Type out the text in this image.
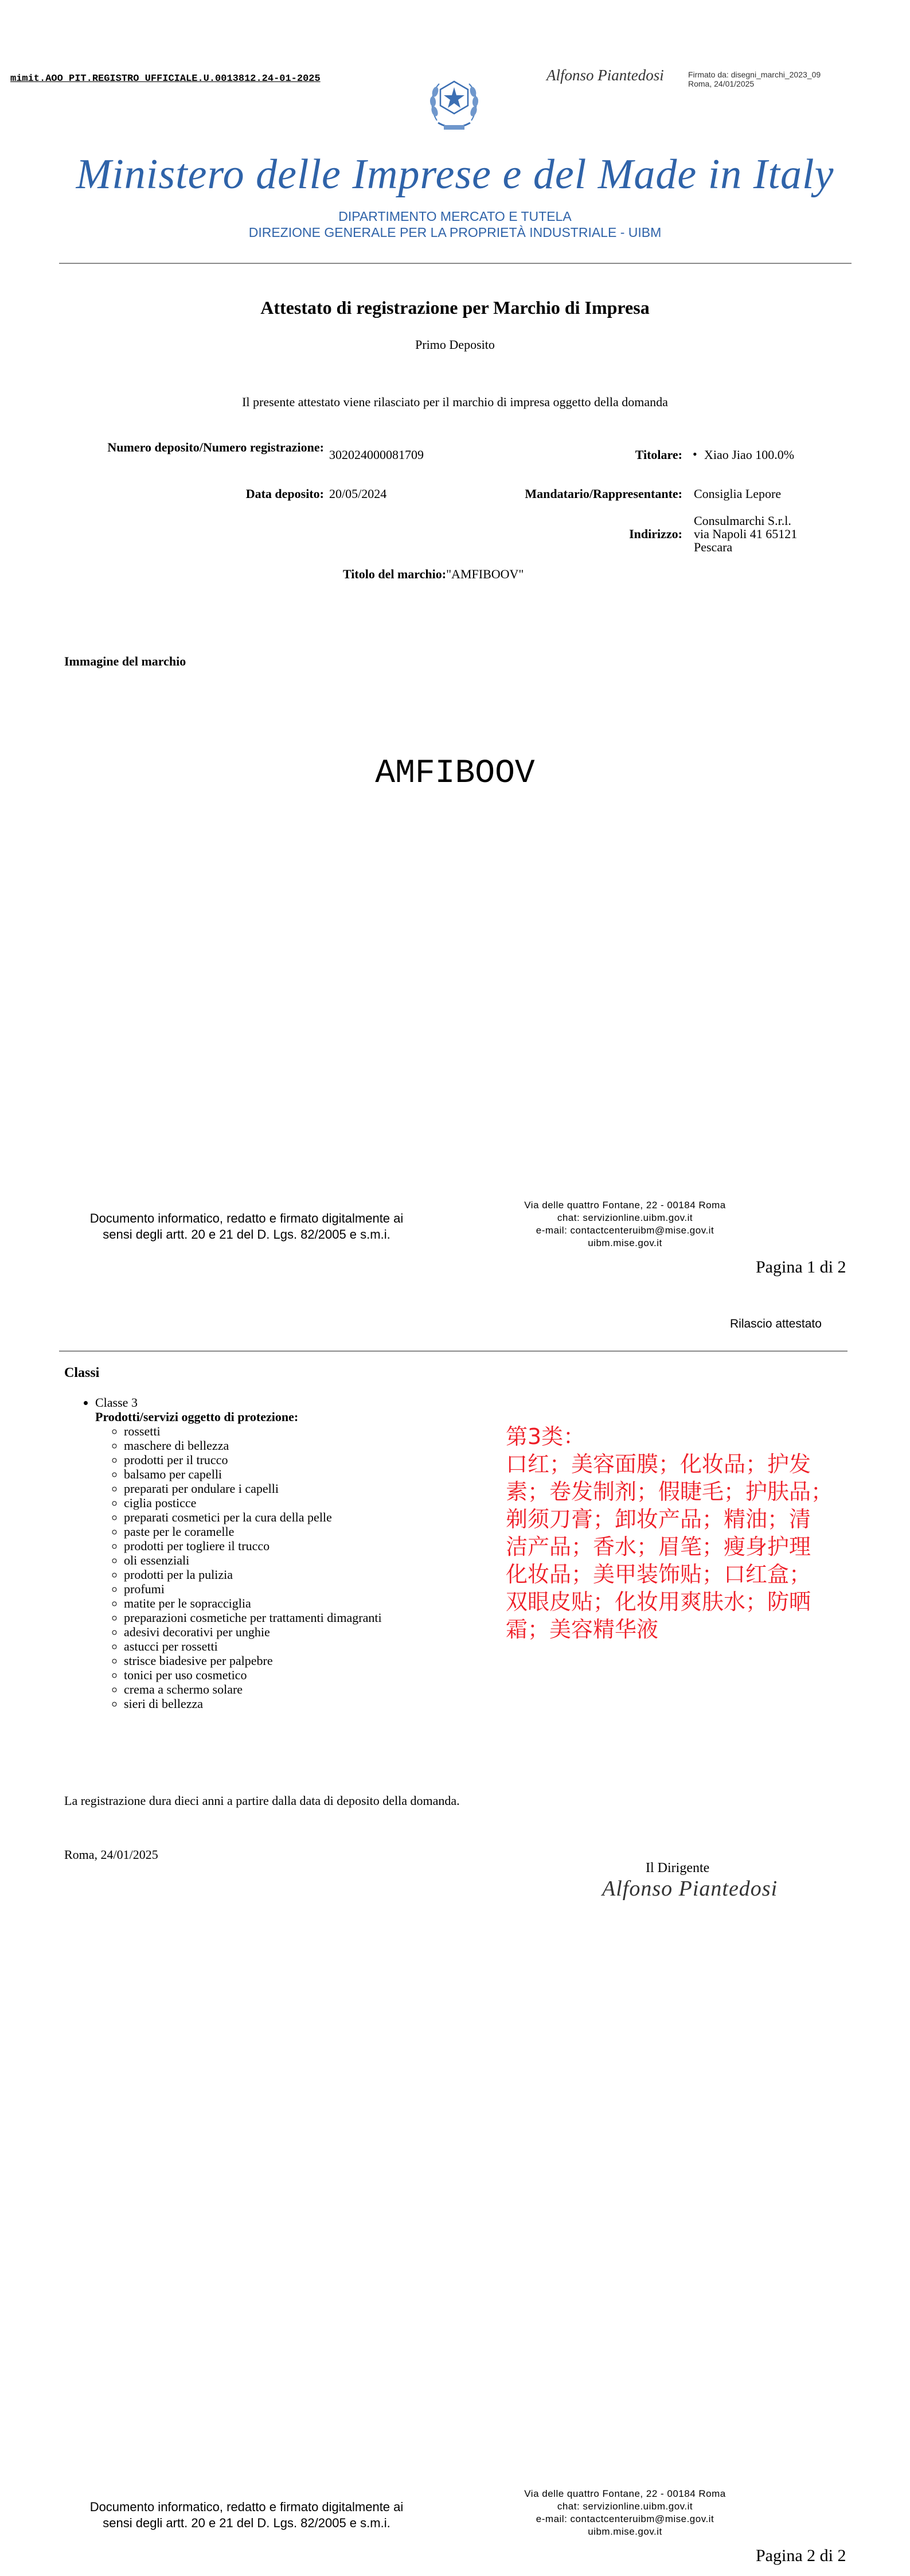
mimit.AOO_PIT.REGISTRO UFFICIALE.U.0013812.24-01-2025	Alfonso Piantedosi	Firmato da: disegni_marchi_2023_09
Roma, 24/01/2025
Ministero delle Imprese e del Made in Italy
DIPARTIMENTO MERCATO E TUTELA
DIREZIONE GENERALE PER LA PROPRIETÀ INDUSTRIALE - UIBM
Attestato di registrazione per Marchio di Impresa
Primo Deposito
Il presente attestato viene rilasciato per il marchio di impresa oggetto della domanda
Numero deposito/Numero registrazione:
302024000081709	Titolare: • Xiao Jiao 100.0%
Data deposito: 20/05/2024	Mandatario/Rappresentante: Consiglia Lepore
Indirizzo:
Consulmarchi S.r.l.
via Napoli 41 65121
Pescara
Titolo del marchio:"AMFIBOOV"
Immagine del marchio
AMFIBOOV
Documento informatico, redatto e firmato digitalmente ai
sensi degli artt. 20 e 21 del D. Lgs. 82/2005 e s.m.i.
Via delle quattro Fontane, 22 - 00184 Roma
chat: servizionline.uibm.gov.it
e-mail: contactcenteruibm@mise.gov.it
uibm.mise.gov.it
Pagina 1 di 2
Rilascio attestato
Classi
• Classe 3
Prodotti/servizi oggetto di protezione:
◦ rossetti
◦ maschere di bellezza
◦ prodotti per il trucco
◦ balsamo per capelli
◦ preparati per ondulare i capelli
◦ ciglia posticce
◦ preparati cosmetici per la cura della pelle
◦ paste per le coramelle
◦ prodotti per togliere il trucco
◦ oli essenziali
◦ prodotti per la pulizia
◦ profumi
◦ matite per le sopracciglia
◦ preparazioni cosmetiche per trattamenti dimagranti
◦ adesivi decorativi per unghie
◦ astucci per rossetti
◦ strisce biadesive per palpebre
◦ tonici per uso cosmetico
◦ crema a schermo solare
◦ sieri di bellezza
第3类：
口红；美容面膜；化妆品；护发
素；卷发制剂；假睫毛；护肤品；
剃须刀膏；卸妆产品；精油；清
洁产品；香水；眉笔；瘦身护理
化妆品；美甲装饰贴；口红盒；
双眼皮贴；化妆用爽肤水；防晒
霜；美容精华液
La registrazione dura dieci anni a partire dalla data di deposito della domanda.
Roma, 24/01/2025
Il Dirigente
Alfonso Piantedosi
Documento informatico, redatto e firmato digitalmente ai
sensi degli artt. 20 e 21 del D. Lgs. 82/2005 e s.m.i.
Via delle quattro Fontane, 22 - 00184 Roma
chat: servizionline.uibm.gov.it
e-mail: contactcenteruibm@mise.gov.it
uibm.mise.gov.it
Pagina 2 di 2
